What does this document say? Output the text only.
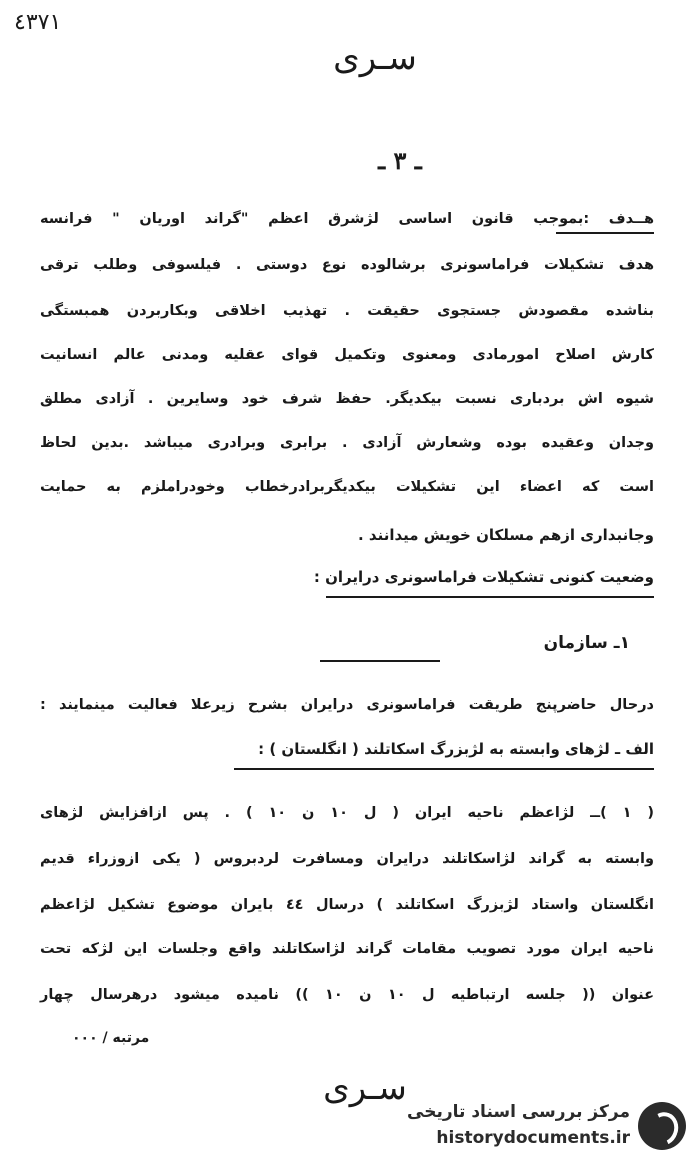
٤٣٧١
سـری
ـ ٣ ـ
هــدف :بموجب قانون اساسی لژشرق اعظم "گراند اوریان " فرانسه
هدف تشکیلات فراماسونری برشالوده نوع دوستی . فیلسوفی وطلب ترقی
بناشده مقصودش جستجوی حقیقت . تهذیب اخلاقی وبکاربردن همبستگی
کارش اصلاح امورمادی ومعنوی وتکمیل قوای عقلیه ومدنی عالم انسانیت
شیوه اش بردباری نسبت بیکدیگر. حفظ شرف خود وسایرین . آزادی مطلق
وجدان وعقیده بوده وشعارش آزادی . برابری وبرادری میباشد .بدین لحاظ
است که اعضاء این تشکیلات بیکدیگربرادرخطاب وخودراملزم به حمایت
وجانبداری ازهم مسلکان خویش میدانند .
وضعیت کنونی تشکیلات فراماسونری درایران :
۱ـ سازمان
درحال حاضرپنج طریقت فراماسونری درایران بشرح زیرعلا فعالیت مینمایند :
الف ـ لژهای وابسته به لژبزرگ اسکاتلند ( انگلستان ) :
( ١ )ــ لژاعظم ناحیه ایران ( ل ١٠ ن ١٠ ) . پس ازافزایش لژهای
وابسته به گراند لژاسکاتلند درایران ومسافرت لردبروس ( یکی ازوزراء قدیم
انگلستان واستاد لژبزرگ اسکاتلند ) درسال ٤٤ بایران موضوع تشکیل لژاعظم
ناحیه ایران مورد تصویب مقامات گراند لژاسکاتلند واقع وجلسات این لژکه تحت
عنوان (( جلسه ارتباطیه ل ١٠ ن ١٠ )) نامیده میشود درهرسال چهار
مرتبه / ٠٠٠
سـری
مرکز بررسی اسناد تاریخی
historydocuments.ir
